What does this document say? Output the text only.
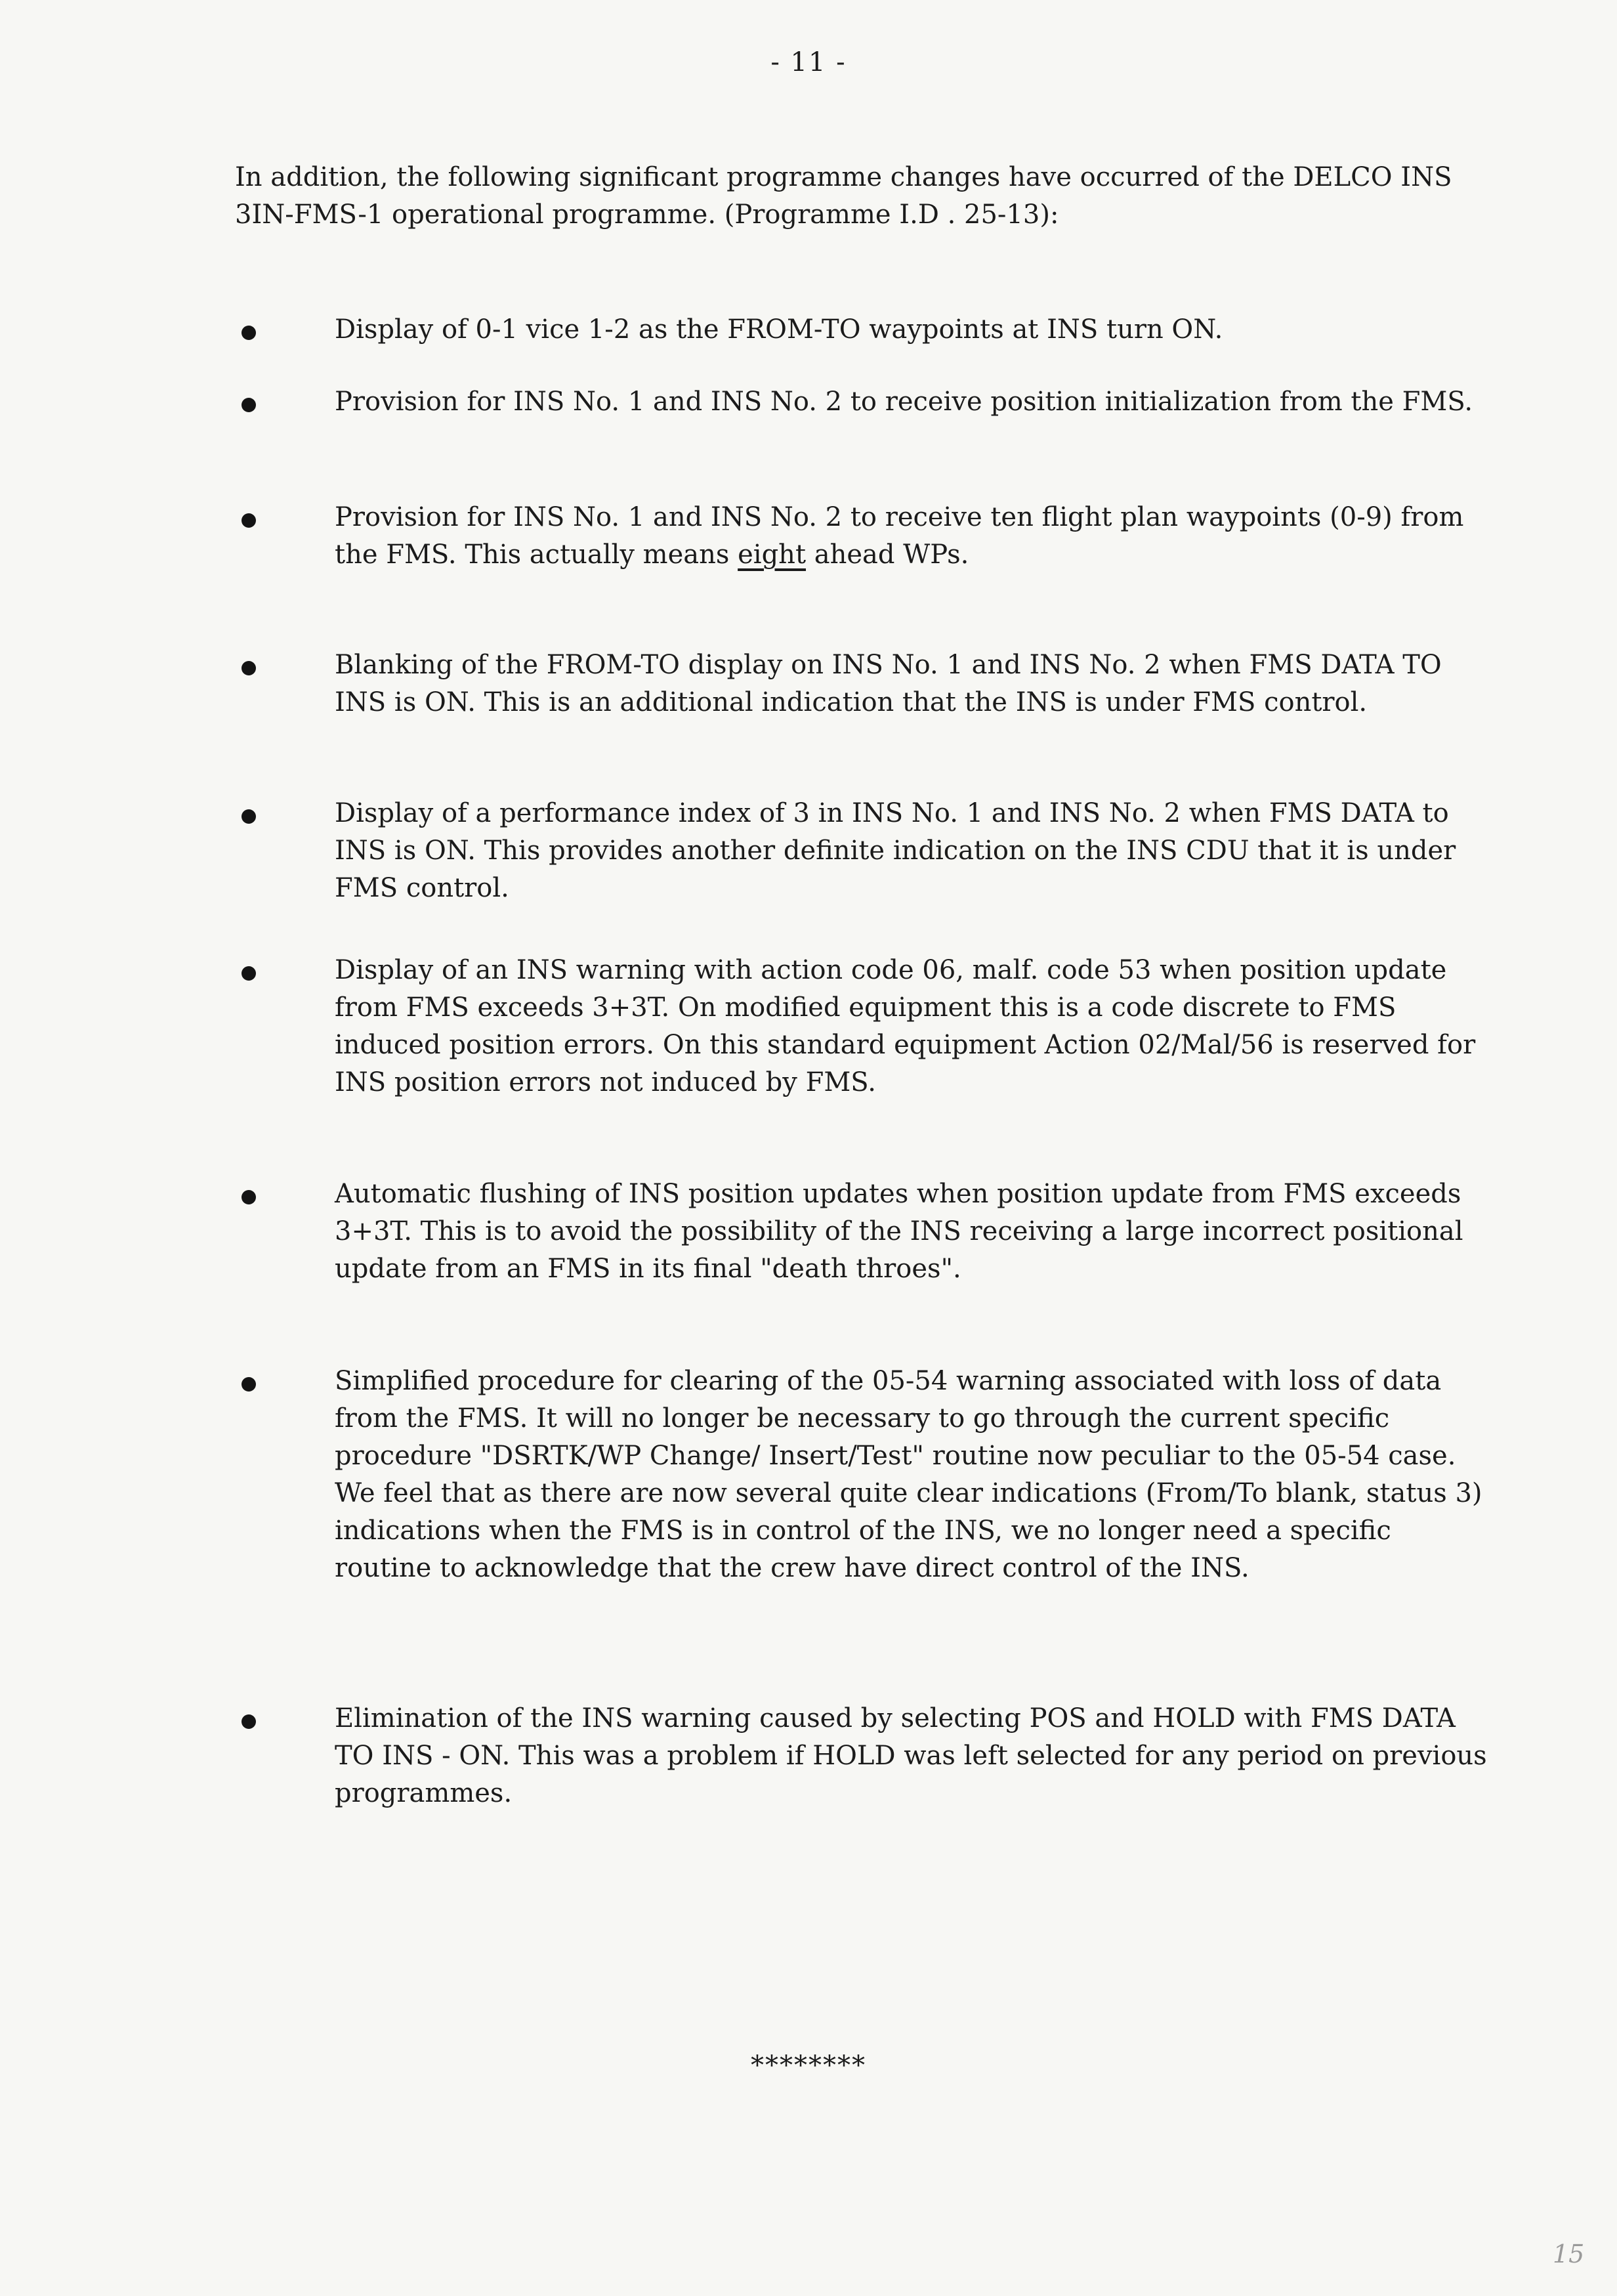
- 11 -
In addition, the following significant programme changes have occurred of the DELCO INS 3IN-FMS-1 operational programme. (Programme I.D . 25-13):
Display of 0-1 vice 1-2 as the FROM-TO waypoints at INS turn ON.
Provision for INS No. 1 and INS No. 2 to receive position initialization from the FMS.
Provision for INS No. 1 and INS No. 2 to receive ten flight plan waypoints (0-9) from the FMS. This actually means eight ahead WPs.
Blanking of the FROM-TO display on INS No. 1 and INS No. 2 when FMS DATA TO INS is ON. This is an additional indication that the INS is under FMS control.
Display of a performance index of 3 in INS No. 1 and INS No. 2 when FMS DATA to INS is ON. This provides another definite indication on the INS CDU that it is under FMS control.
Display of an INS warning with action code 06, malf. code 53 when position update from FMS exceeds 3+3T. On modified equipment this is a code discrete to FMS induced position errors. On this standard equipment Action 02/Mal/56 is reserved for INS position errors not induced by FMS.
Automatic flushing of INS position updates when position update from FMS exceeds 3+3T. This is to avoid the possibility of the INS receiving a large incorrect positional update from an FMS in its final "death throes".
Simplified procedure for clearing of the 05-54 warning associated with loss of data from the FMS. It will no longer be necessary to go through the current specific procedure "DSRTK/WP Change/ Insert/Test" routine now peculiar to the 05-54 case. We feel that as there are now several quite clear indications (From/To blank, status 3) indications when the FMS is in control of the INS, we no longer need a specific routine to acknowledge that the crew have direct control of the INS.
Elimination of the INS warning caused by selecting POS and HOLD with FMS DATA TO INS - ON. This was a problem if HOLD was left selected for any period on previous programmes.
********
15
